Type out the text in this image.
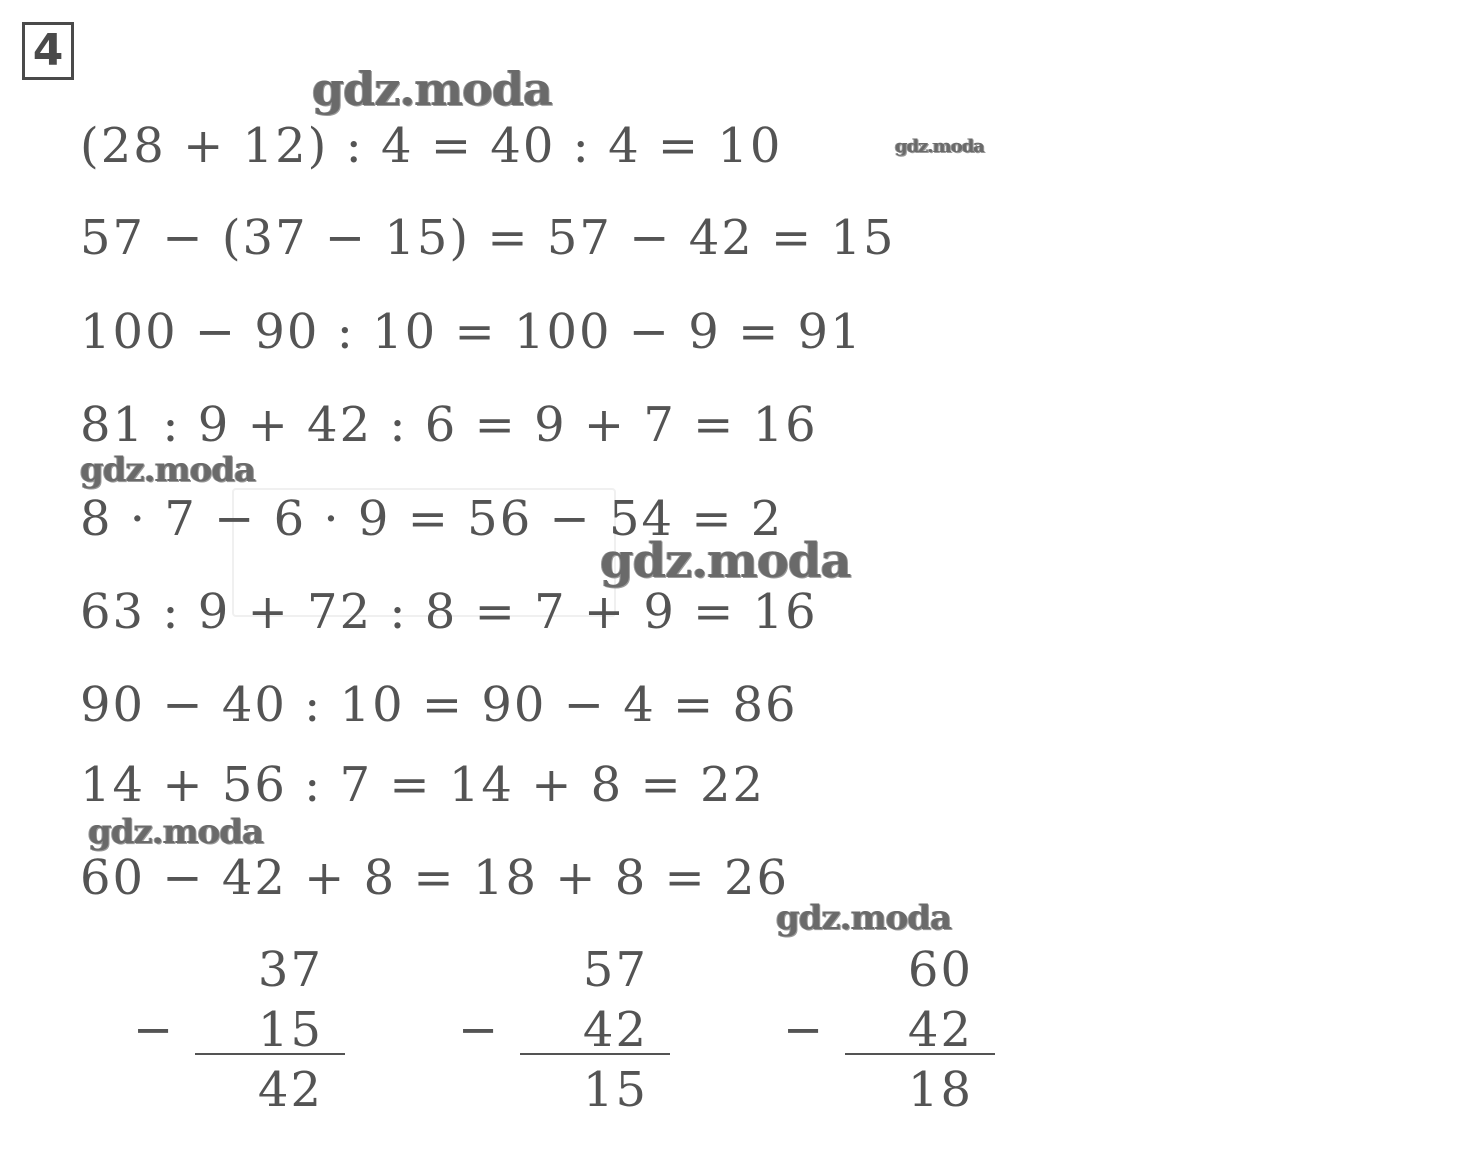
4

(28 + 12) : 4 = 40 : 4 = 10

57 − (37 − 15) = 57 − 42 = 15

100 − 90 : 10 = 100 − 9 = 91

81 : 9 + 42 : 6 = 9 + 7 = 16

8 · 7 − 6 · 9 = 56 − 54 = 2

63 : 9 + 72 : 8 = 7 + 9 = 16

90 − 40 : 10 = 90 − 4 = 86

14 + 56 : 7 = 14 + 8 = 22

60 − 42 + 8 = 18 + 8 = 26

37
− 15
42
57
− 42
15
60
− 42
18
gdz.moda
gdz.moda
gdz.moda
gdz.moda
gdz.moda
gdz.moda
